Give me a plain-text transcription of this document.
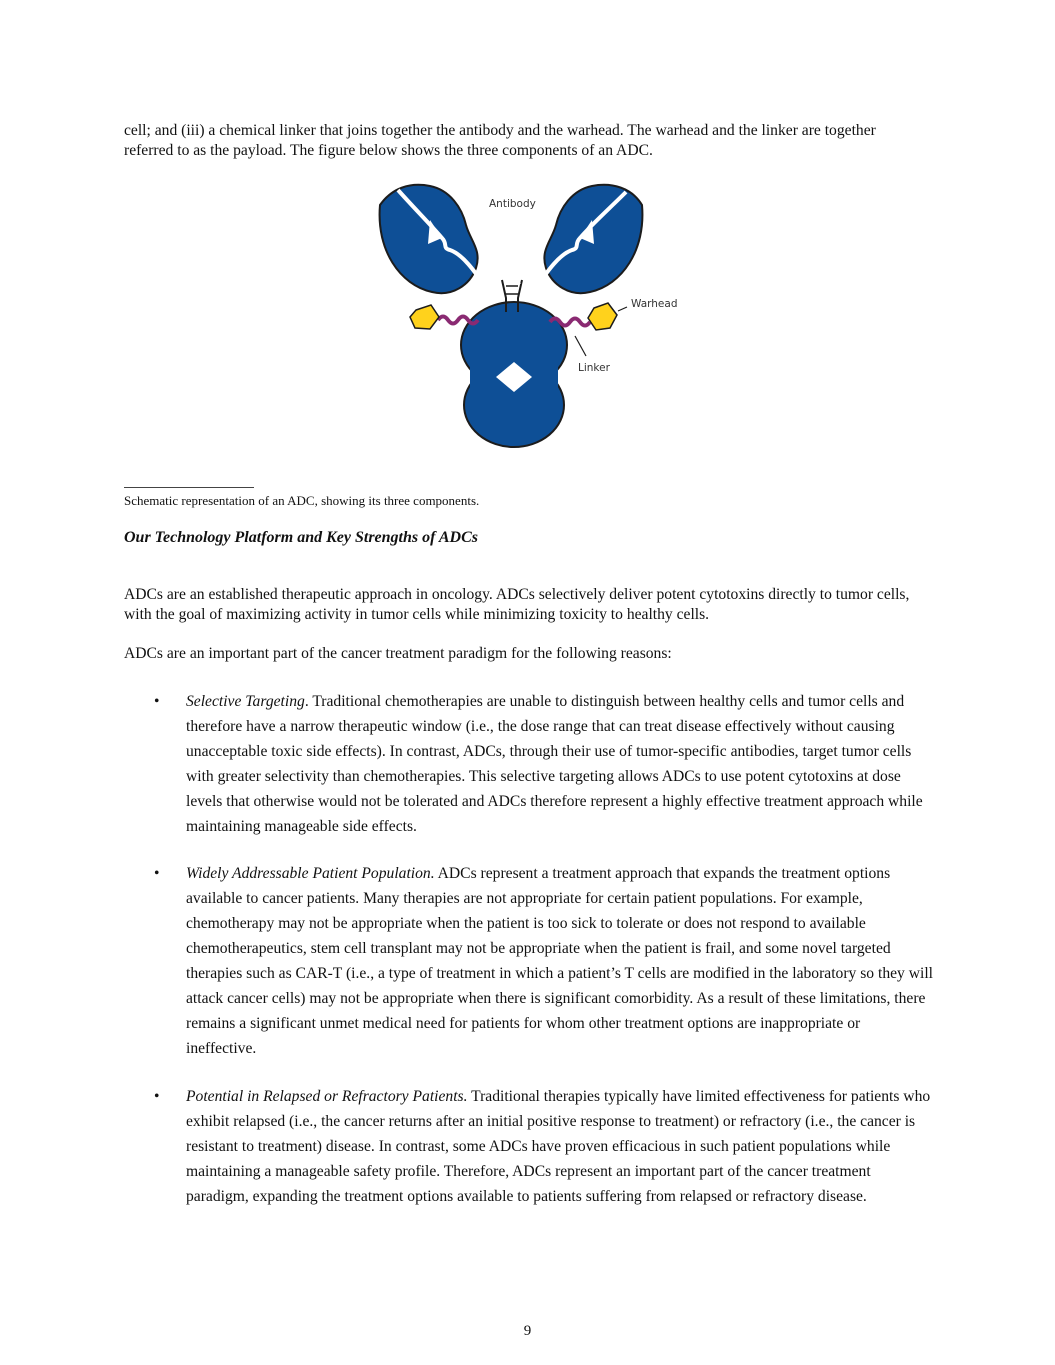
cell; and (iii) a chemical linker that joins together the antibody and the warhead. The warhead and the linker are together referred to as the payload. The figure below shows the three components of an ADC.

Antibody
Warhead
Linker

Schematic representation of an ADC, showing its three components.

Our Technology Platform and Key Strengths of ADCs

ADCs are an established therapeutic approach in oncology. ADCs selectively deliver potent cytotoxins directly to tumor cells, with the goal of maximizing activity in tumor cells while minimizing toxicity to healthy cells.

ADCs are an important part of the cancer treatment paradigm for the following reasons:

• Selective Targeting. Traditional chemotherapies are unable to distinguish between healthy cells and tumor cells and therefore have a narrow therapeutic window (i.e., the dose range that can treat disease effectively without causing unacceptable toxic side effects). In contrast, ADCs, through their use of tumor-specific antibodies, target tumor cells with greater selectivity than chemotherapies. This selective targeting allows ADCs to use potent cytotoxins at dose levels that otherwise would not be tolerated and ADCs therefore represent a highly effective treatment approach while maintaining manageable side effects.

• Widely Addressable Patient Population. ADCs represent a treatment approach that expands the treatment options available to cancer patients. Many therapies are not appropriate for certain patient populations. For example, chemotherapy may not be appropriate when the patient is too sick to tolerate or does not respond to available chemotherapeutics, stem cell transplant may not be appropriate when the patient is frail, and some novel targeted therapies such as CAR-T (i.e., a type of treatment in which a patient’s T cells are modified in the laboratory so they will attack cancer cells) may not be appropriate when there is significant comorbidity. As a result of these limitations, there remains a significant unmet medical need for patients for whom other treatment options are inappropriate or ineffective.

• Potential in Relapsed or Refractory Patients. Traditional therapies typically have limited effectiveness for patients who exhibit relapsed (i.e., the cancer returns after an initial positive response to treatment) or refractory (i.e., the cancer is resistant to treatment) disease. In contrast, some ADCs have proven efficacious in such patient populations while maintaining a manageable safety profile. Therefore, ADCs represent an important part of the cancer treatment paradigm, expanding the treatment options available to patients suffering from relapsed or refractory disease.

9
